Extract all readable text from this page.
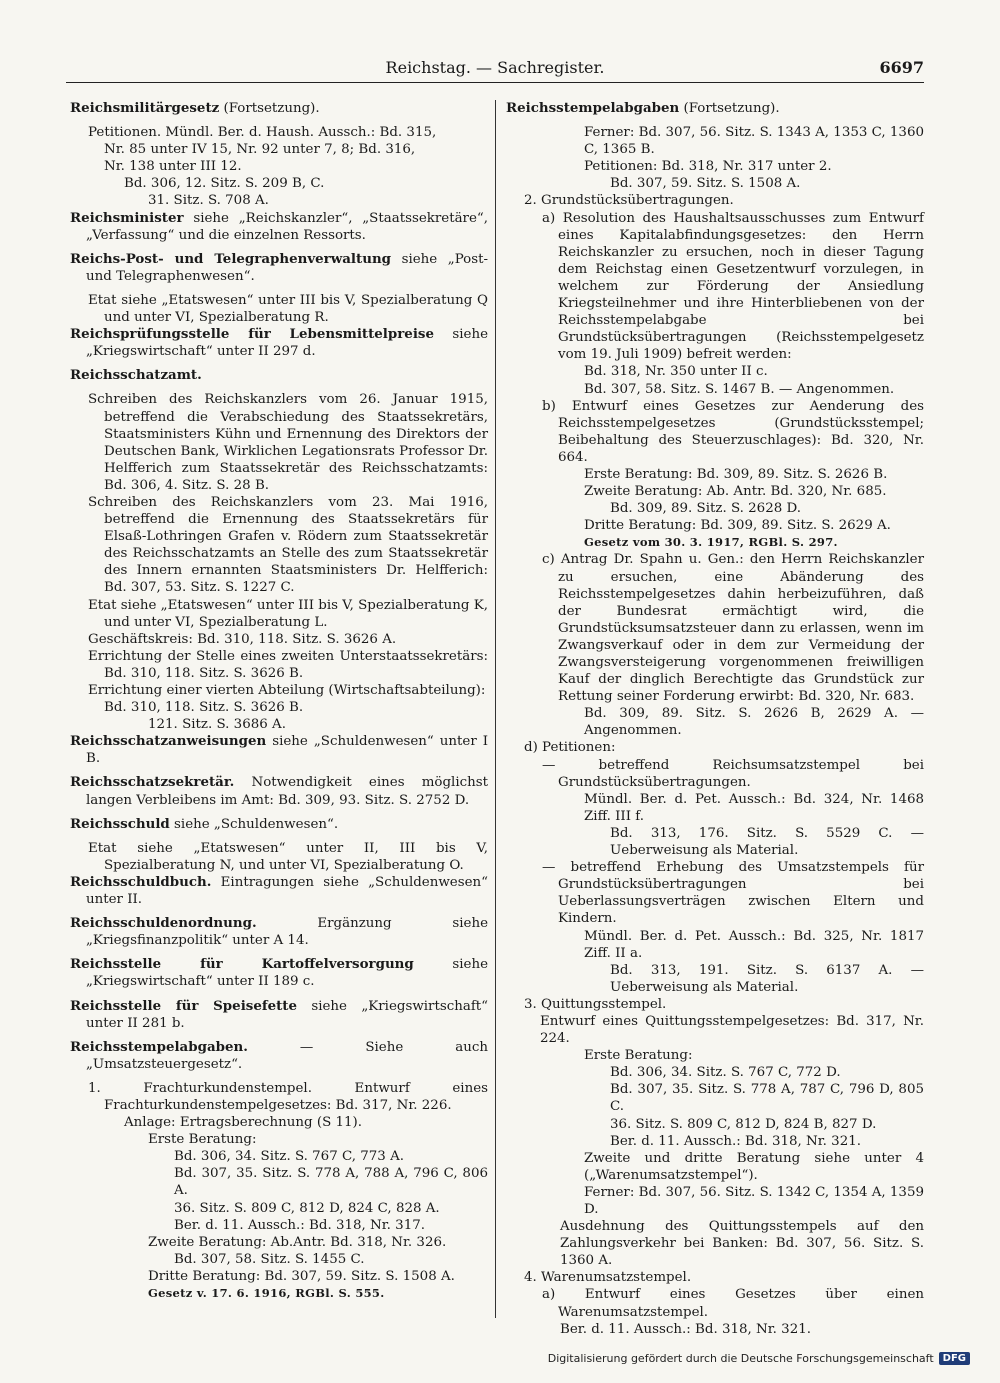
Reichstag. — Sachregister.	6697

Reichsmilitärgesetz (Fortsetzung).

Petitionen. Mündl. Ber. d. Haush. Aussch.: Bd. 315,

Nr. 85 unter IV 15, Nr. 92 unter 7, 8; Bd. 316,

Nr. 138 unter III 12.

Bd. 306, 12. Sitz. S. 209 B, C.

31. Sitz. S. 708 A.

Reichsminister siehe „Reichskanzler“, „Staatssekretäre“, „Verfassung“ und die einzelnen Ressorts.

Reichs-Post- und Telegraphenverwaltung siehe „Post- und Telegraphenwesen“.

Etat siehe „Etatswesen“ unter III bis V, Spezialberatung Q und unter VI, Spezialberatung R.

Reichsprüfungsstelle für Lebensmittelpreise siehe „Kriegswirtschaft“ unter II 297 d.

Reichsschatzamt.

Schreiben des Reichskanzlers vom 26. Januar 1915, betreffend die Verabschiedung des Staatssekretärs, Staatsministers Kühn und Ernennung des Direktors der Deutschen Bank, Wirklichen Legationsrats Professor Dr. Helfferich zum Staatssekretär des Reichsschatzamts: Bd. 306, 4. Sitz. S. 28 B.

Schreiben des Reichskanzlers vom 23. Mai 1916, betreffend die Ernennung des Staatssekretärs für Elsaß-Lothringen Grafen v. Rödern zum Staatssekretär des Reichsschatzamts an Stelle des zum Staatssekretär des Innern ernannten Staatsministers Dr. Helfferich: Bd. 307, 53. Sitz. S. 1227 C.

Etat siehe „Etatswesen“ unter III bis V, Spezialberatung K, und unter VI, Spezialberatung L.

Geschäftskreis: Bd. 310, 118. Sitz. S. 3626 A.

Errichtung der Stelle eines zweiten Unterstaatssekretärs: Bd. 310, 118. Sitz. S. 3626 B.

Errichtung einer vierten Abteilung (Wirtschaftsabteilung):

Bd. 310, 118. Sitz. S. 3626 B.

121. Sitz. S. 3686 A.

Reichsschatzanweisungen siehe „Schuldenwesen“ unter I B.

Reichsschatzsekretär. Notwendigkeit eines möglichst langen Verbleibens im Amt: Bd. 309, 93. Sitz. S. 2752 D.

Reichsschuld siehe „Schuldenwesen“.

Etat siehe „Etatswesen“ unter II, III bis V, Spezialberatung N, und unter VI, Spezialberatung O.

Reichsschuldbuch. Eintragungen siehe „Schuldenwesen“ unter II.

Reichsschuldenordnung. Ergänzung siehe „Kriegsfinanzpolitik“ unter A 14.

Reichsstelle für Kartoffelversorgung siehe „Kriegswirtschaft“ unter II 189 c.

Reichsstelle für Speisefette siehe „Kriegswirtschaft“ unter II 281 b.

Reichsstempelabgaben. — Siehe auch „Umsatzsteuergesetz“.

1. Frachturkundenstempel. Entwurf eines Frachturkundenstempelgesetzes: Bd. 317, Nr. 226.

Anlage: Ertragsberechnung (S 11).

Erste Beratung:

Bd. 306, 34. Sitz. S. 767 C, 773 A.

Bd. 307, 35. Sitz. S. 778 A, 788 A, 796 C, 806 A.

36. Sitz. S. 809 C, 812 D, 824 C, 828 A.

Ber. d. 11. Aussch.: Bd. 318, Nr. 317.

Zweite Beratung: Ab.Antr. Bd. 318, Nr. 326.

Bd. 307, 58. Sitz. S. 1455 C.

Dritte Beratung: Bd. 307, 59. Sitz. S. 1508 A.

Gesetz v. 17. 6. 1916, RGBl. S. 555.

Reichsstempelabgaben (Fortsetzung).

Ferner: Bd. 307, 56. Sitz. S. 1343 A, 1353 C, 1360 C, 1365 B.

Petitionen: Bd. 318, Nr. 317 unter 2.

Bd. 307, 59. Sitz. S. 1508 A.

2. Grundstücksübertragungen.

a) Resolution des Haushaltsausschusses zum Entwurf eines Kapitalabfindungsgesetzes: den Herrn Reichskanzler zu ersuchen, noch in dieser Tagung dem Reichstag einen Gesetzentwurf vorzulegen, in welchem zur Förderung der Ansiedlung Kriegsteilnehmer und ihre Hinterbliebenen von der Reichsstempelabgabe bei Grundstücksübertragungen (Reichsstempelgesetz vom 19. Juli 1909) befreit werden:

Bd. 318, Nr. 350 unter II c.

Bd. 307, 58. Sitz. S. 1467 B. — Angenommen.

b) Entwurf eines Gesetzes zur Aenderung des Reichsstempelgesetzes (Grundstücksstempel; Beibehaltung des Steuerzuschlages): Bd. 320, Nr. 664.

Erste Beratung: Bd. 309, 89. Sitz. S. 2626 B.

Zweite Beratung: Ab. Antr. Bd. 320, Nr. 685.

Bd. 309, 89. Sitz. S. 2628 D.

Dritte Beratung: Bd. 309, 89. Sitz. S. 2629 A.

Gesetz vom 30. 3. 1917, RGBl. S. 297.

c) Antrag Dr. Spahn u. Gen.: den Herrn Reichskanzler zu ersuchen, eine Abänderung des Reichsstempelgesetzes dahin herbeizuführen, daß der Bundesrat ermächtigt wird, die Grundstücksumsatzsteuer dann zu erlassen, wenn im Zwangsverkauf oder in dem zur Vermeidung der Zwangsversteigerung vorgenommenen freiwilligen Kauf der dinglich Berechtigte das Grundstück zur Rettung seiner Forderung erwirbt: Bd. 320, Nr. 683.

Bd. 309, 89. Sitz. S. 2626 B, 2629 A. — Angenommen.

d) Petitionen:

— betreffend Reichsumsatzstempel bei Grundstücksübertragungen.

Mündl. Ber. d. Pet. Aussch.: Bd. 324, Nr. 1468 Ziff. III f.

Bd. 313, 176. Sitz. S. 5529 C. — Ueberweisung als Material.

— betreffend Erhebung des Umsatzstempels für Grundstücksübertragungen bei Ueberlassungsverträgen zwischen Eltern und Kindern.

Mündl. Ber. d. Pet. Aussch.: Bd. 325, Nr. 1817 Ziff. II a.

Bd. 313, 191. Sitz. S. 6137 A. — Ueberweisung als Material.

3. Quittungsstempel.

Entwurf eines Quittungsstempelgesetzes: Bd. 317, Nr. 224.

Erste Beratung:

Bd. 306, 34. Sitz. S. 767 C, 772 D.

Bd. 307, 35. Sitz. S. 778 A, 787 C, 796 D, 805 C.

36. Sitz. S. 809 C, 812 D, 824 B, 827 D.

Ber. d. 11. Aussch.: Bd. 318, Nr. 321.

Zweite und dritte Beratung siehe unter 4 („Warenumsatzstempel“).

Ferner: Bd. 307, 56. Sitz. S. 1342 C, 1354 A, 1359 D.

Ausdehnung des Quittungsstempels auf den Zahlungsverkehr bei Banken: Bd. 307, 56. Sitz. S. 1360 A.

4. Warenumsatzstempel.

a) Entwurf eines Gesetzes über einen Warenumsatzstempel.

Ber. d. 11. Aussch.: Bd. 318, Nr. 321.

Digitalisierung gefördert durch die Deutsche Forschungsgemeinschaft DFG
